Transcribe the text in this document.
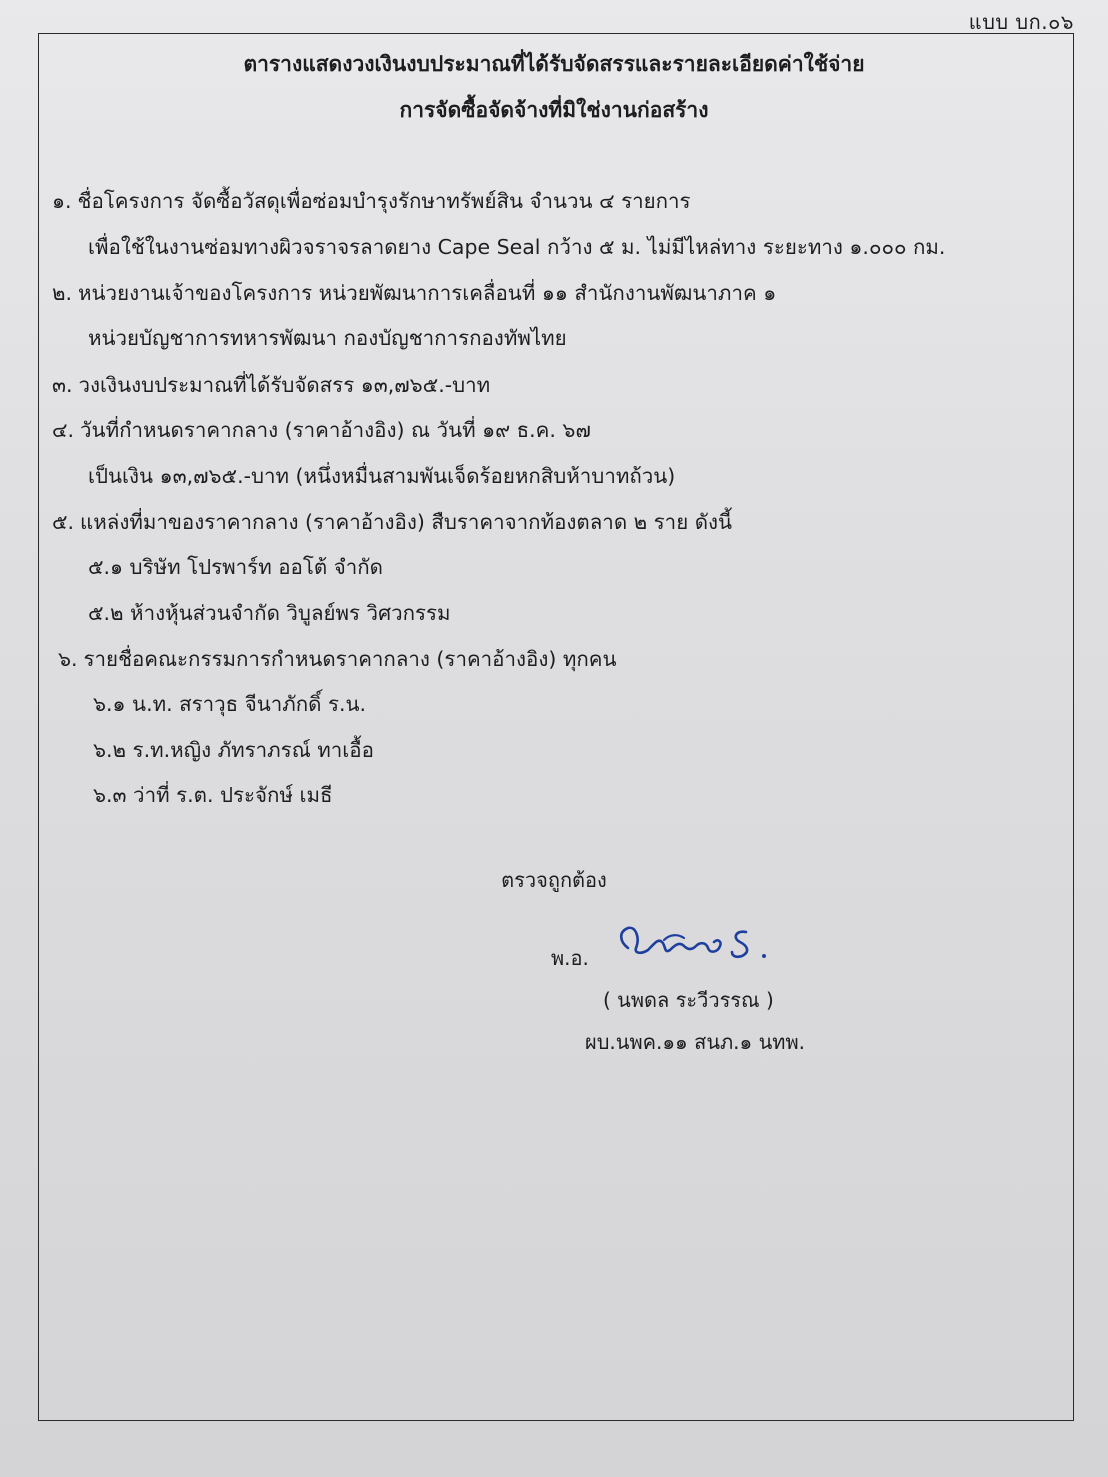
แบบ บก.๐๖
ตารางแสดงวงเงินงบประมาณที่ได้รับจัดสรรและรายละเอียดค่าใช้จ่าย
การจัดซื้อจัดจ้างที่มิใช่งานก่อสร้าง
๑. ชื่อโครงการ จัดซื้อวัสดุเพื่อซ่อมบำรุงรักษาทรัพย์สิน จำนวน ๔ รายการ
เพื่อใช้ในงานซ่อมทางผิวจราจรลาดยาง Cape Seal กว้าง ๕ ม. ไม่มีไหล่ทาง ระยะทาง ๑.๐๐๐ กม.
๒. หน่วยงานเจ้าของโครงการ หน่วยพัฒนาการเคลื่อนที่ ๑๑ สำนักงานพัฒนาภาค ๑
หน่วยบัญชาการทหารพัฒนา กองบัญชาการกองทัพไทย
๓. วงเงินงบประมาณที่ได้รับจัดสรร ๑๓,๗๖๕.-บาท
๔. วันที่กำหนดราคากลาง (ราคาอ้างอิง) ณ วันที่ ๑๙ ธ.ค. ๖๗
เป็นเงิน ๑๓,๗๖๕.-บาท (หนึ่งหมื่นสามพันเจ็ดร้อยหกสิบห้าบาทถ้วน)
๕. แหล่งที่มาของราคากลาง (ราคาอ้างอิง) สืบราคาจากท้องตลาด ๒ ราย ดังนี้
๕.๑ บริษัท โปรพาร์ท ออโต้ จำกัด
๕.๒ ห้างหุ้นส่วนจำกัด วิบูลย์พร วิศวกรรม
๖. รายชื่อคณะกรรมการกำหนดราคากลาง (ราคาอ้างอิง) ทุกคน
๖.๑ น.ท. สราวุธ จีนาภักดิ์ ร.น.
๖.๒ ร.ท.หญิง ภัทราภรณ์ ทาเอื้อ
๖.๓ ว่าที่ ร.ต. ประจักษ์ เมธี
ตรวจถูกต้อง
พ.อ.
( นพดล ระวีวรรณ )
ผบ.นพค.๑๑ สนภ.๑ นทพ.
